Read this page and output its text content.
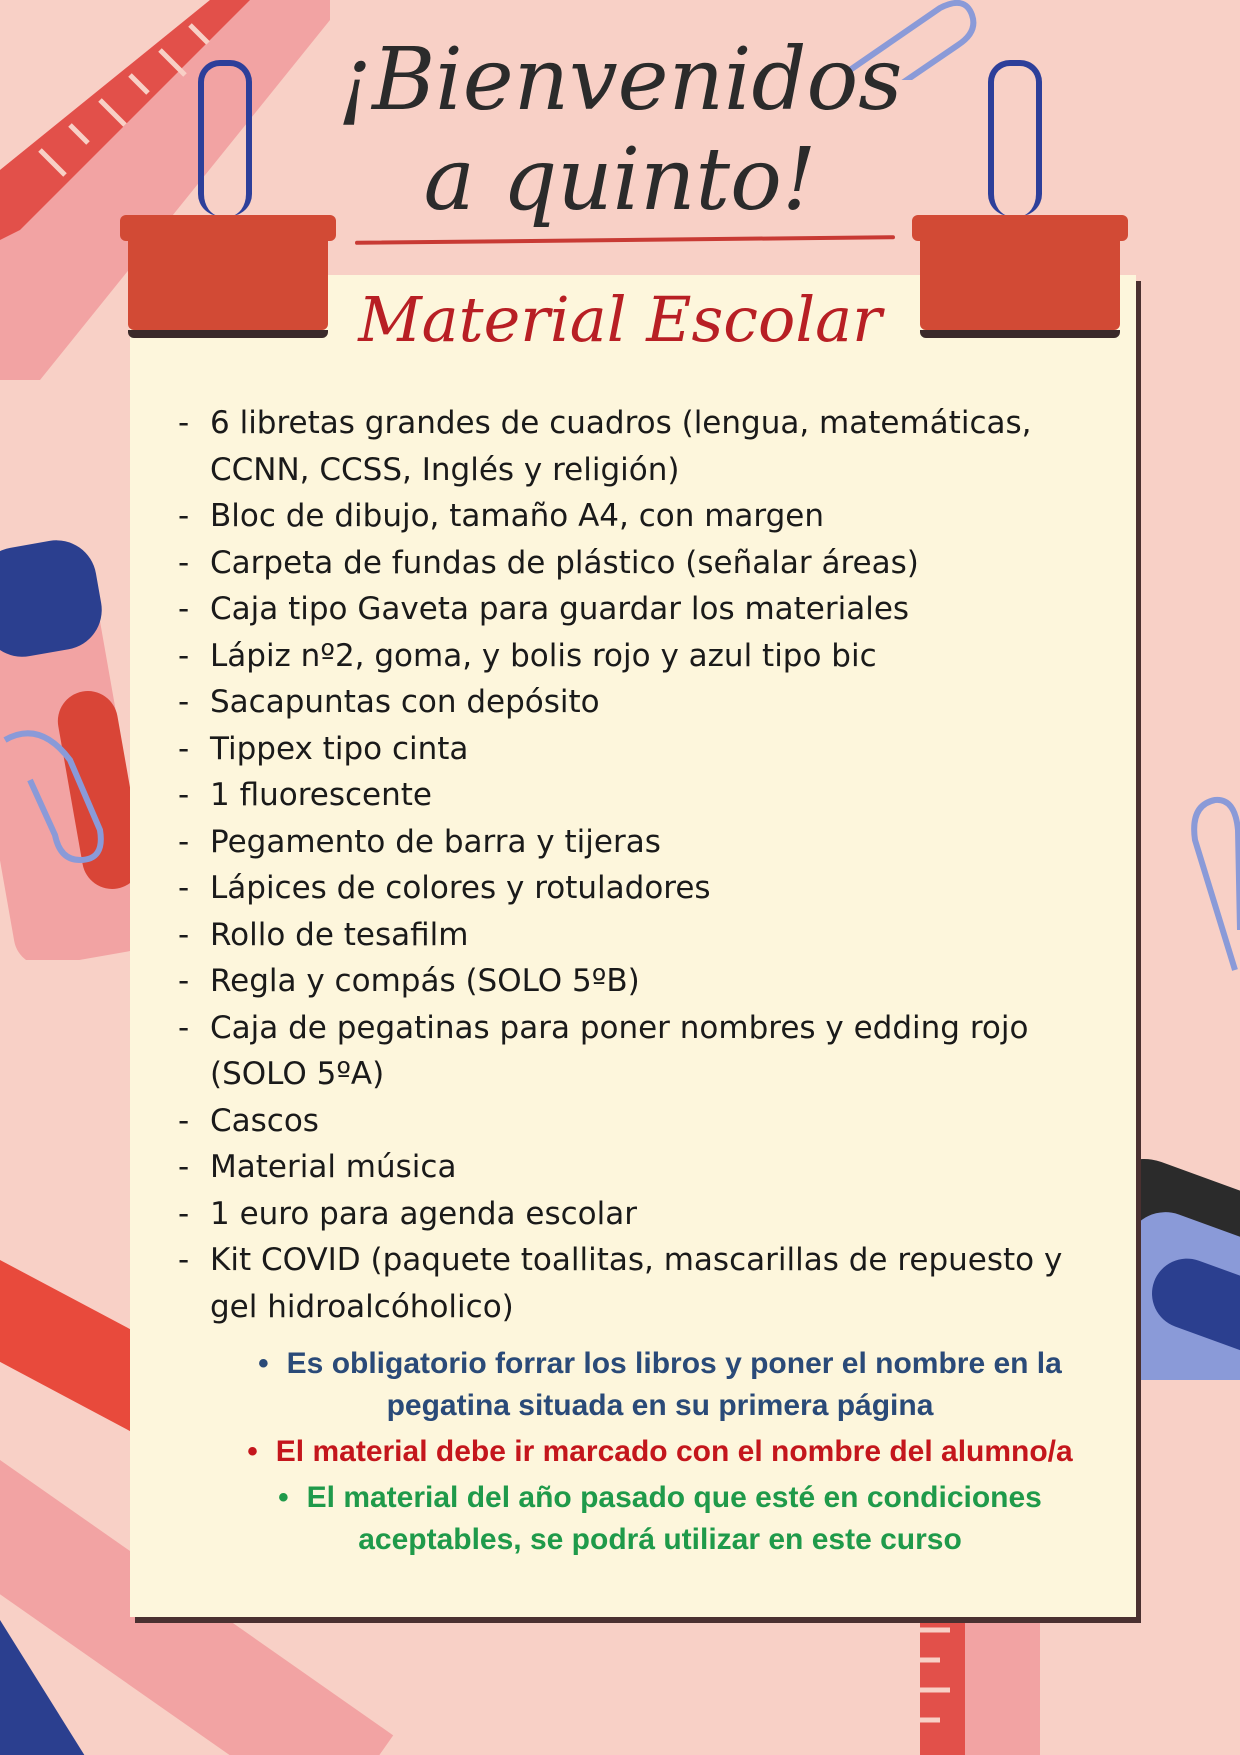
¡Bienvenidos
a quinto!
Material Escolar
- 6 libretas grandes de cuadros (lengua, matemáticas, CCNN, CCSS, Inglés y religión)
- Bloc de dibujo, tamaño A4, con margen
- Carpeta de fundas de plástico (señalar áreas)
- Caja tipo Gaveta para guardar los materiales
- Lápiz nº2, goma, y bolis rojo y azul tipo bic
- Sacapuntas con depósito
- Tippex tipo cinta
- 1 fluorescente
- Pegamento de barra y tijeras
- Lápices de colores y rotuladores
- Rollo de tesafilm
- Regla y compás (SOLO 5ºB)
- Caja de pegatinas para poner nombres y edding rojo (SOLO 5ºA)
- Cascos
- Material música
- 1 euro para agenda escolar
- Kit COVID (paquete toallitas, mascarillas de repuesto y gel hidroalcóholico)
• Es obligatorio forrar los libros y poner el nombre en la pegatina situada en su primera página
• El material debe ir marcado con el nombre del alumno/a
• El material del año pasado que esté en condiciones aceptables, se podrá utilizar en este curso
